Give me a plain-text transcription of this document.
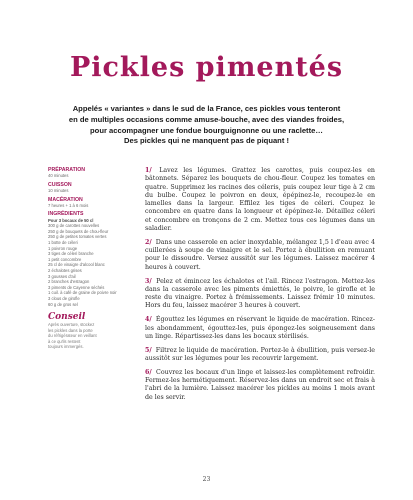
Pickles pimentés

Appelés « variantes » dans le sud de la France, ces pickles vous tenteront

en de multiples occasions comme amuse-bouche, avec des viandes froides,

pour accompagner une fondue bourguignonne ou une raclette…

Des pickles qui ne manquent pas de piquant !

PRÉPARATION
40 minutes
CUISSON
10 minutes
MACÉRATION
7 heures + 1 à 6 mois
INGRÉDIENTS
Pour 3 bocaux de 50 cl
300 g de carottes nouvelles
250 g de bouquets de chou-fleur
250 g de petites tomates vertes
1 botte de céleri
1 poivron rouge
3 tiges de céleri branche
1 petit concombre
25 cl de vinaigre d'alcool blanc
2 échalotes grises
3 gousses d'ail
2 branches d'estragon
3 piments de Cayenne séchés
1 cuil. à café de graine de poivre noir
3 clous de girofle
60 g de gros sel
Conseil
Après ouverture, stockez
les pickles dans la porte
du réfrigérateur en veillant
à ce qu'ils restent
toujours immergés.

1/ Lavez les légumes. Grattez les carottes, puis coupez-les en bâtonnets. Séparez les bouquets de chou-fleur. Coupez les tomates en quatre. Supprimez les racines des céleris, puis coupez leur tige à 2 cm du bulbe. Coupez le poivron en deux, épépinez-le, recoupez-le en lamelles dans la largeur. Effilez les tiges de céleri. Coupez le concombre en quatre dans la longueur et épépinez-le. Détaillez céleri et concombre en tronçons de 2 cm. Mettez tous ces légumes dans un saladier.

2/ Dans une casserole en acier inoxydable, mélangez 1,5 l d'eau avec 4 cuillerées à soupe de vinaigre et le sel. Portez à ébullition en remuant pour le dissoudre. Versez aussitôt sur les légumes. Laissez macérer 4 heures à couvert.

3/ Pelez et émincez les échalotes et l'ail. Rincez l'estragon. Mettez-les dans la casserole avec les piments émiettés, le poivre, le girofle et le reste du vinaigre. Portez à frémissements. Laissez frémir 10 minutes. Hors du feu, laissez macérer 3 heures à couvert.

4/ Égouttez les légumes en réservant le liquide de macération. Rincez-les abondamment, égouttez-les, puis épongez-les soigneusement dans un linge. Répartissez-les dans les bocaux stérilisés.

5/ Filtrez le liquide de macération. Portez-le à ébullition, puis versez-le aussitôt sur les légumes pour les recouvrir largement.

6/ Couvrez les bocaux d'un linge et laissez-les complètement refroidir. Fermez-les hermétiquement. Réservez-les dans un endroit sec et frais à l'abri de la lumière. Laissez macérer les pickles au moins 1 mois avant de les servir.

23
